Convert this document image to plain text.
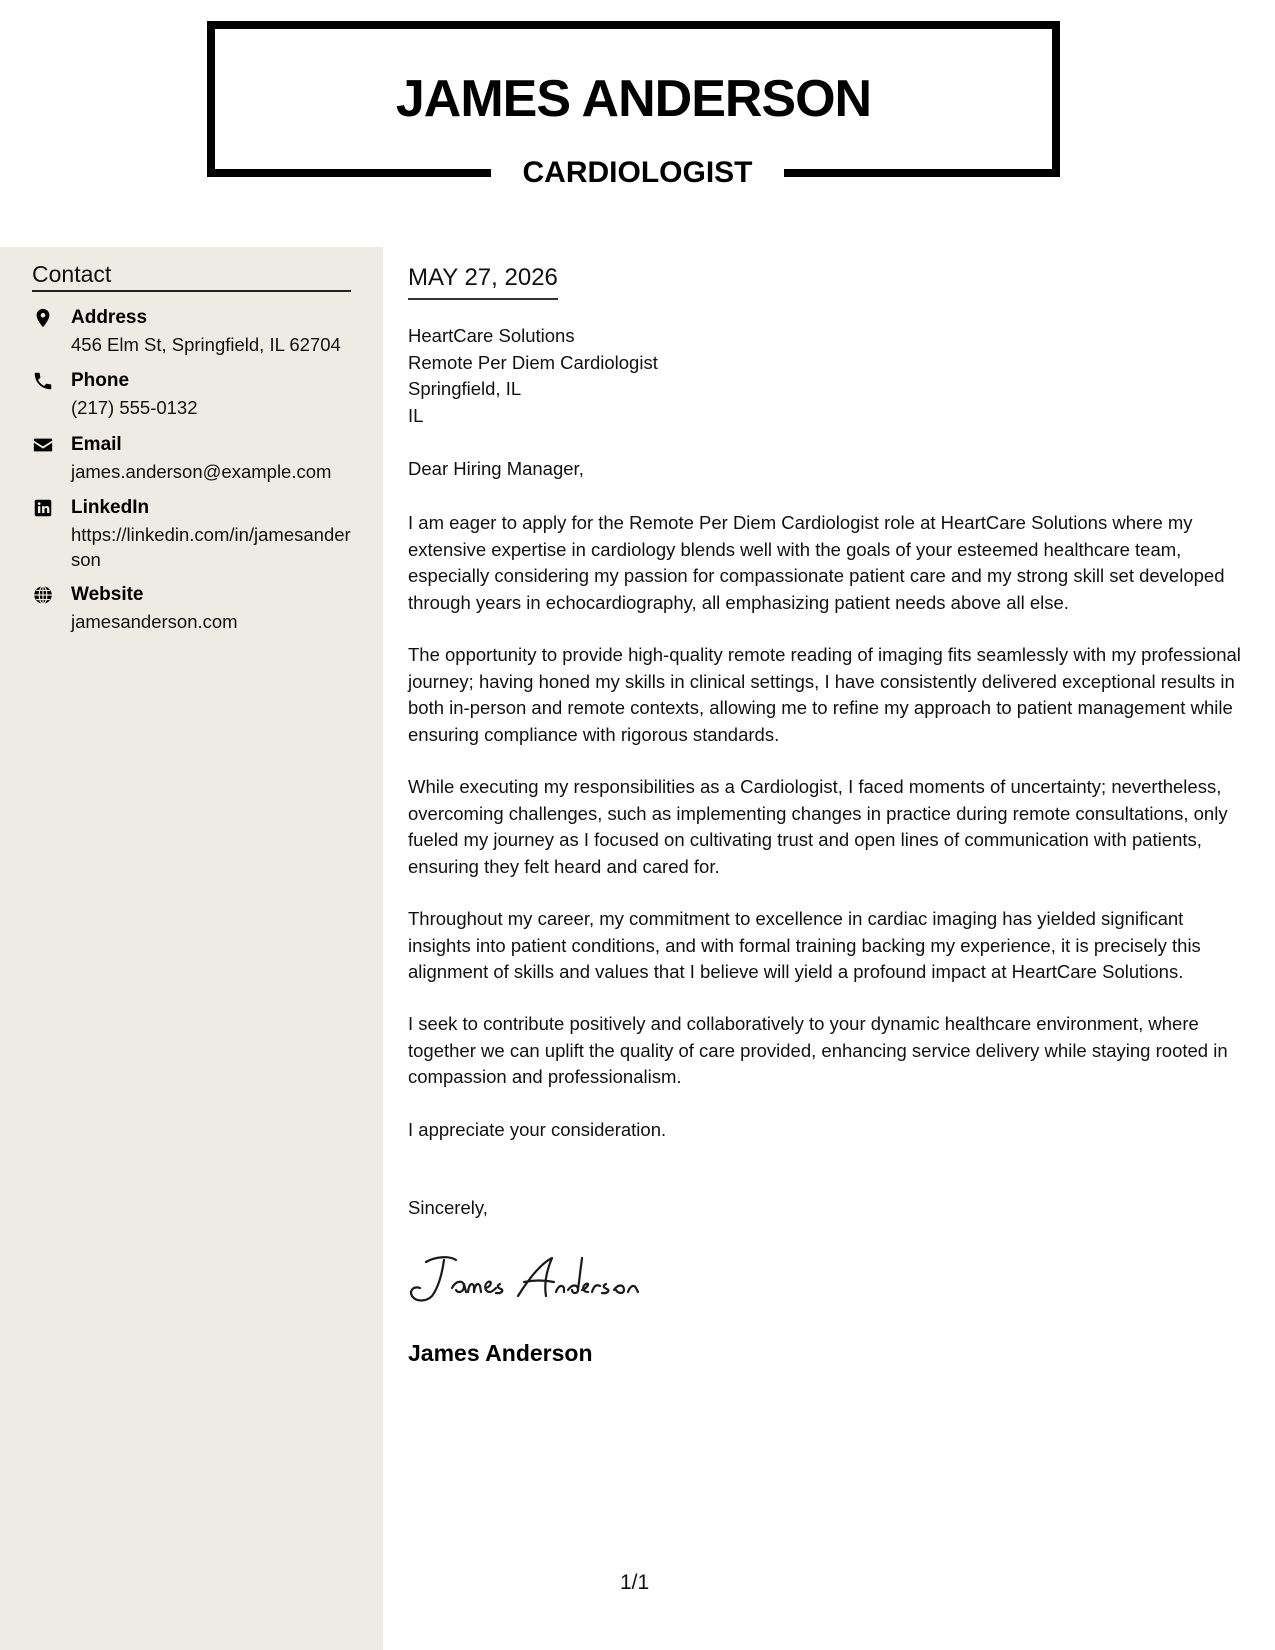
JAMES ANDERSON
CARDIOLOGIST
Contact
Address
456 Elm St, Springfield, IL 62704
Phone
(217) 555-0132
Email
james.anderson@example.com
LinkedIn
https://linkedin.com/in/jamesanderson
Website
jamesanderson.com
MAY 27, 2026
HeartCare Solutions
Remote Per Diem Cardiologist
Springfield, IL
IL
Dear Hiring Manager,
I am eager to apply for the Remote Per Diem Cardiologist role at HeartCare Solutions where my extensive expertise in cardiology blends well with the goals of your esteemed healthcare team, especially considering my passion for compassionate patient care and my strong skill set developed through years in echocardiography, all emphasizing patient needs above all else.
The opportunity to provide high-quality remote reading of imaging fits seamlessly with my professional journey; having honed my skills in clinical settings, I have consistently delivered exceptional results in both in-person and remote contexts, allowing me to refine my approach to patient management while ensuring compliance with rigorous standards.
While executing my responsibilities as a Cardiologist, I faced moments of uncertainty; nevertheless, overcoming challenges, such as implementing changes in practice during remote consultations, only fueled my journey as I focused on cultivating trust and open lines of communication with patients, ensuring they felt heard and cared for.
Throughout my career, my commitment to excellence in cardiac imaging has yielded significant insights into patient conditions, and with formal training backing my experience, it is precisely this alignment of skills and values that I believe will yield a profound impact at HeartCare Solutions.
I seek to contribute positively and collaboratively to your dynamic healthcare environment, where together we can uplift the quality of care provided, enhancing service delivery while staying rooted in compassion and professionalism.
I appreciate your consideration.
Sincerely,
James Anderson
1/1
